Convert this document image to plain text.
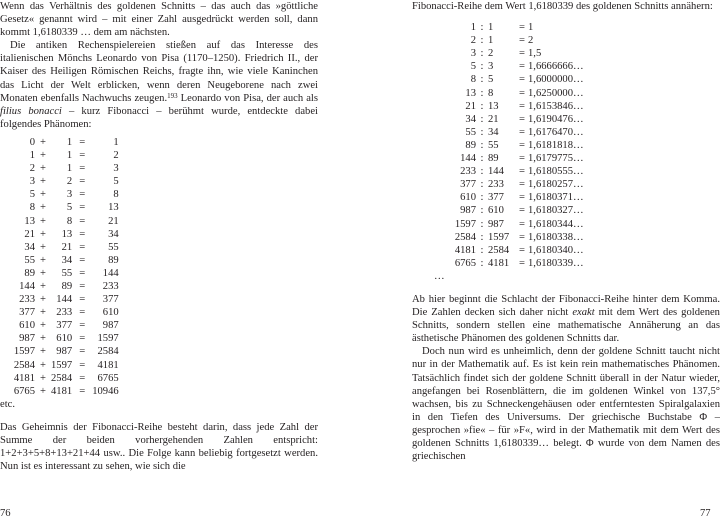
Wenn das Verhältnis des goldenen Schnitts – das auch das »göttliche Gesetz« genannt wird – mit einer Zahl ausgedrückt werden soll, dann kommt 1,6180339 … dem am nächsten.

Die antiken Rechenspielereien stießen auf das Interesse des italienischen Mönchs Leonardo von Pisa (1170–1250). Friedrich II., der Kaiser des Heiligen Römischen Reichs, fragte ihn, wie viele Kaninchen das Licht der Welt erblicken, wenn deren Neugeborene nach zwei Monaten ebenfalls Nachwuchs zeugen.$^{193}$ Leonardo von Pisa, der auch als filius bonacci – kurz Fibonacci – berühmt wurde, entdeckte dabei folgendes Phänomen:

0	+	1	=	1
1	+	1	=	2
2	+	1	=	3
3	+	2	=	5
5	+	3	=	8
8	+	5	=	13
13	+	8	=	21
21	+	13	=	34
34	+	21	=	55
55	+	34	=	89
89	+	55	=	144
144	+	89	=	233
233	+	144	=	377
377	+	233	=	610
610	+	377	=	987
987	+	610	=	1597
1597	+	987	=	2584
2584	+	1597	=	4181
4181	+	2584	=	6765
6765	+	4181	=	10946
etc.

Das Geheimnis der Fibonacci-Reihe besteht darin, dass jede Zahl der Summe der beiden vorhergehenden Zahlen entspricht: 1+2+3+5+8+13+21+44 usw.. Die Folge kann beliebig fortgesetzt werden. Nun ist es interessant zu sehen, wie sich die

Fibonacci-Reihe dem Wert 1,6180339 des goldenen Schnitts annähern:

1	:	1	=	1
2	:	1	=	2
3	:	2	=	1,5
5	:	3	=	1,6666666…
8	:	5	=	1,6000000…
13	:	8	=	1,6250000…
21	:	13	=	1,6153846…
34	:	21	=	1,6190476…
55	:	34	=	1,6176470…
89	:	55	=	1,6181818…
144	:	89	=	1,6179775…
233	:	144	=	1,6180555…
377	:	233	=	1,6180257…
610	:	377	=	1,6180371…
987	:	610	=	1,6180327…
1597	:	987	=	1,6180344…
2584	:	1597	=	1,6180338…
4181	:	2584	=	1,6180340…
6765	:	4181	=	1,6180339…
…

Ab hier beginnt die Schlacht der Fibonacci-Reihe hinter dem Komma. Die Zahlen decken sich daher nicht exakt mit dem Wert des goldenen Schnitts, sondern stellen eine mathematische Annäherung an das ästhetische Phänomen des goldenen Schnitts dar.

Doch nun wird es unheimlich, denn der goldene Schnitt taucht nicht nur in der Mathematik auf. Es ist kein rein mathematisches Phänomen. Tatsächlich findet sich der goldene Schnitt überall in der Natur wieder, angefangen bei Rosenblättern, die im goldenen Winkel von 137,5° wachsen, bis zu Schneckengehäusen oder entferntesten Spiralgalaxien in den Tiefen des Universums. Der griechische Buchstabe Φ – gesprochen »fie« – für »F«, wird in der Mathematik mit dem Wert des goldenen Schnitts 1,6180339… belegt. Φ wurde von dem Namen des griechischen

76	77
